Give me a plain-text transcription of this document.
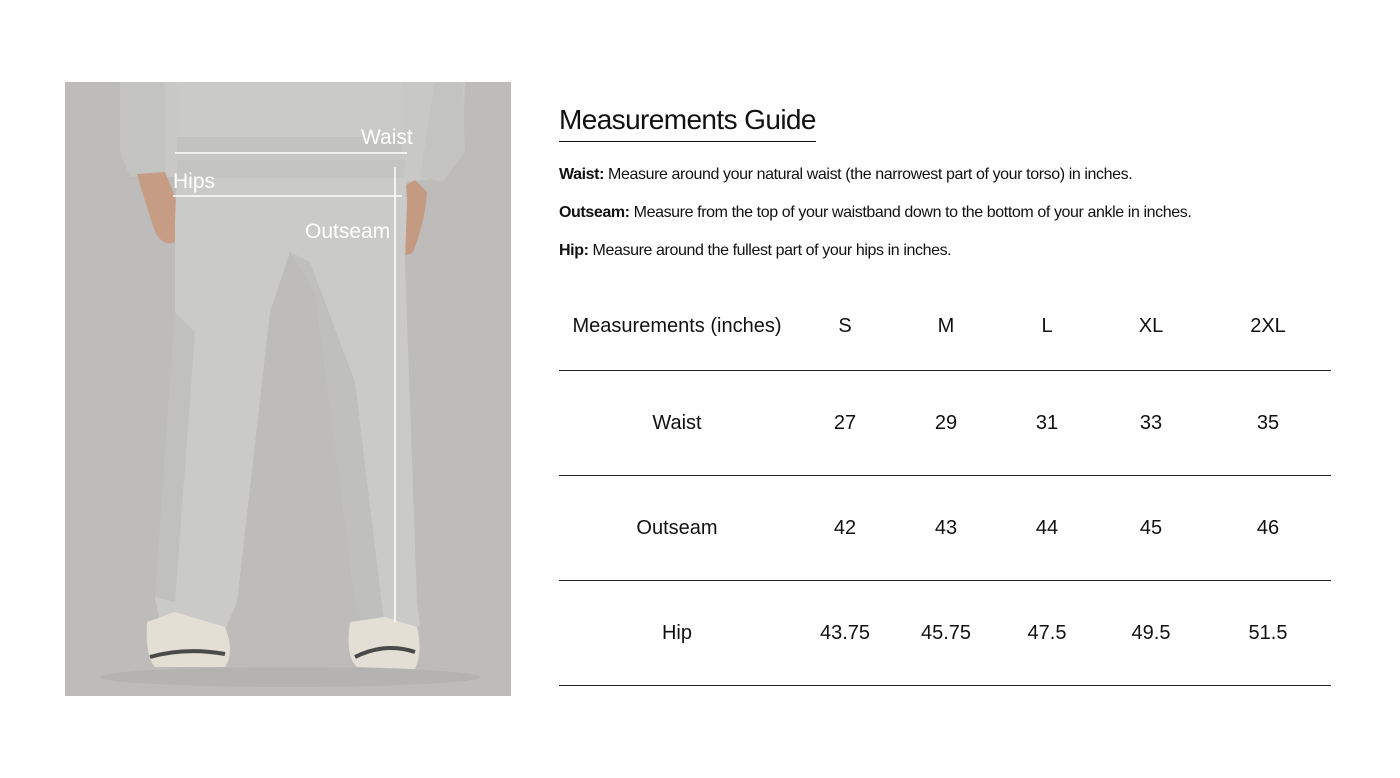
Waist
Hips
Outseam
Measurements Guide

Waist: Measure around your natural waist (the narrowest part of your torso) in inches.

Outseam: Measure from the top of your waistband down to the bottom of your ankle in inches.

Hip: Measure around the fullest part of your hips in inches.

Measurements (inches)	S	M	L	XL	2XL
Waist	27	29	31	33	35
Outseam	42	43	44	45	46
Hip	43.75	45.75	47.5	49.5	51.5
